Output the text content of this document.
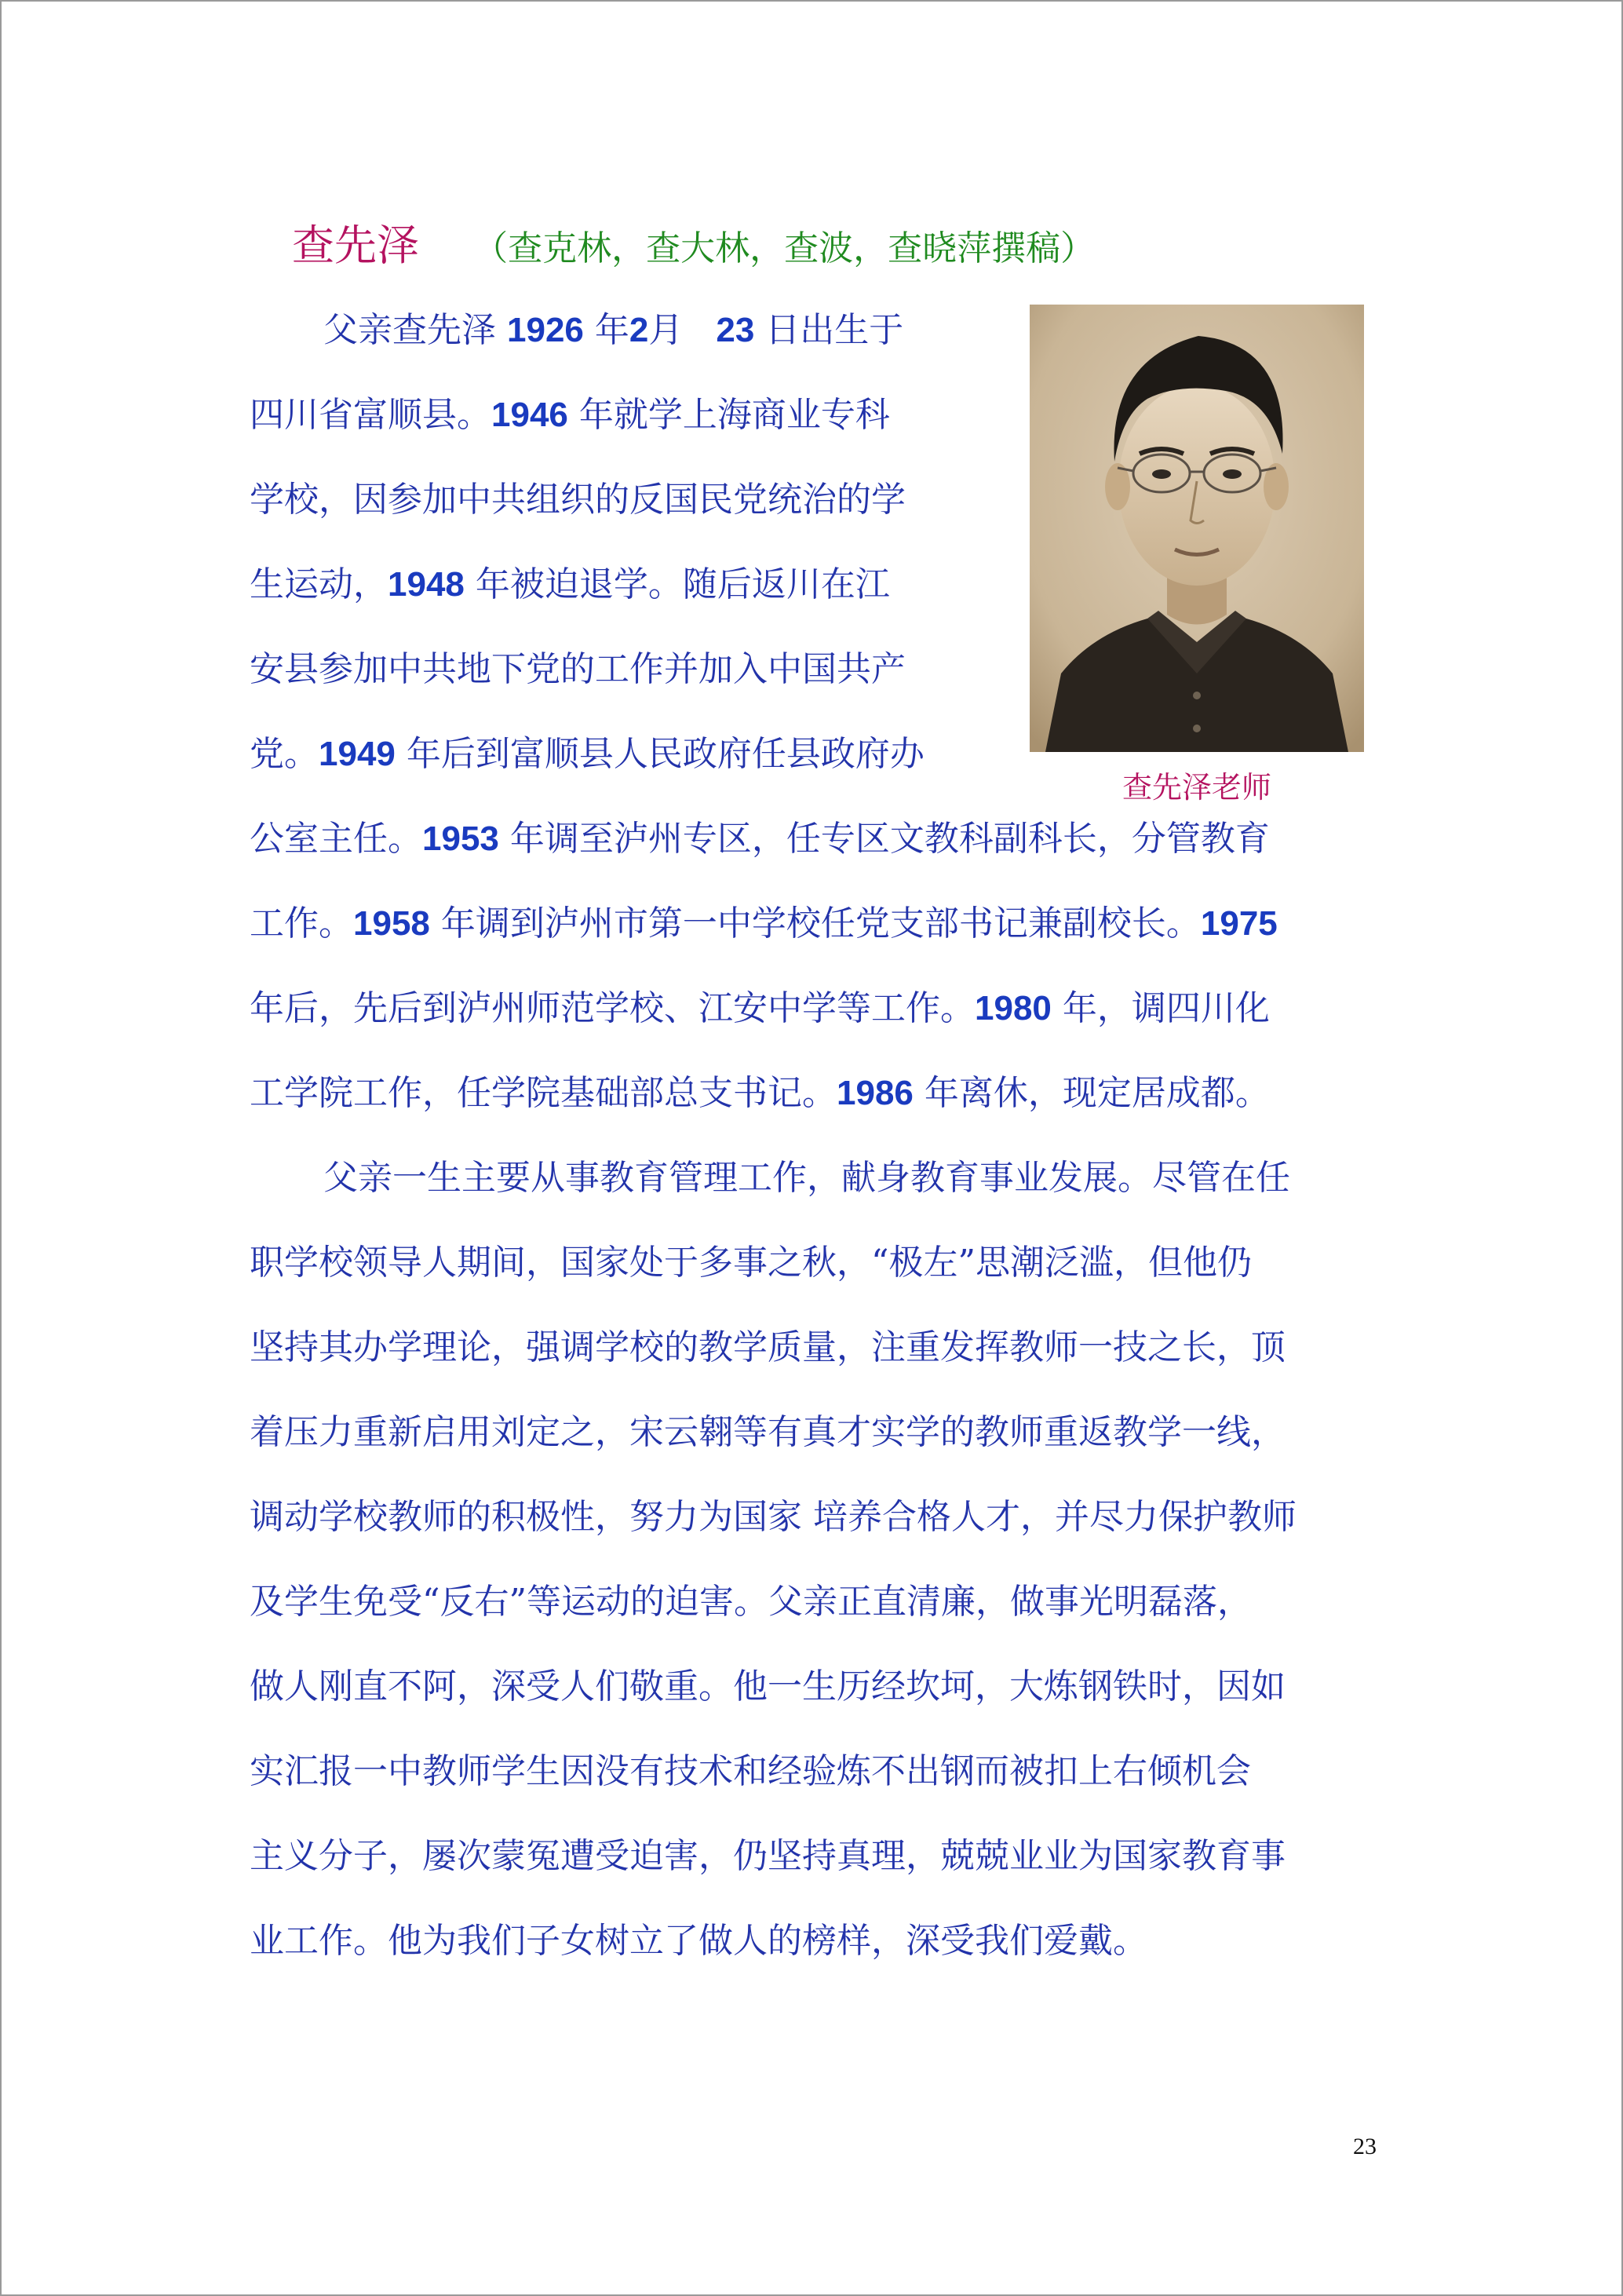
查先泽 （查克林，查大林，查波，查晓萍撰稿）
查先泽老师
父亲查先泽 1926 年2月   23 日出生于
四川省富顺县。1946 年就学上海商业专科
学校，因参加中共组织的反国民党统治的学
生运动，1948 年被迫退学。随后返川在江
安县参加中共地下党的工作并加入中国共产
党。1949 年后到富顺县人民政府任县政府办
公室主任。1953 年调至泸州专区，任专区文教科副科长，分管教育
工作。1958 年调到泸州市第一中学校任党支部书记兼副校长。1975
年后，先后到泸州师范学校、江安中学等工作。1980 年，调四川化
工学院工作，任学院基础部总支书记。1986 年离休，现定居成都。
父亲一生主要从事教育管理工作，献身教育事业发展。尽管在任
职学校领导人期间，国家处于多事之秋，“极左”思潮泛滥，但他仍
坚持其办学理论，强调学校的教学质量，注重发挥教师一技之长，顶
着压力重新启用刘定之，宋云翱等有真才实学的教师重返教学一线，
调动学校教师的积极性，努力为国家 培养合格人才，并尽力保护教师
及学生免受“反右”等运动的迫害。父亲正直清廉，做事光明磊落，
做人刚直不阿，深受人们敬重。他一生历经坎坷，大炼钢铁时，因如
实汇报一中教师学生因没有技术和经验炼不出钢而被扣上右倾机会
主义分子，屡次蒙冤遭受迫害，仍坚持真理，兢兢业业为国家教育事
业工作。他为我们子女树立了做人的榜样，深受我们爱戴。
23
